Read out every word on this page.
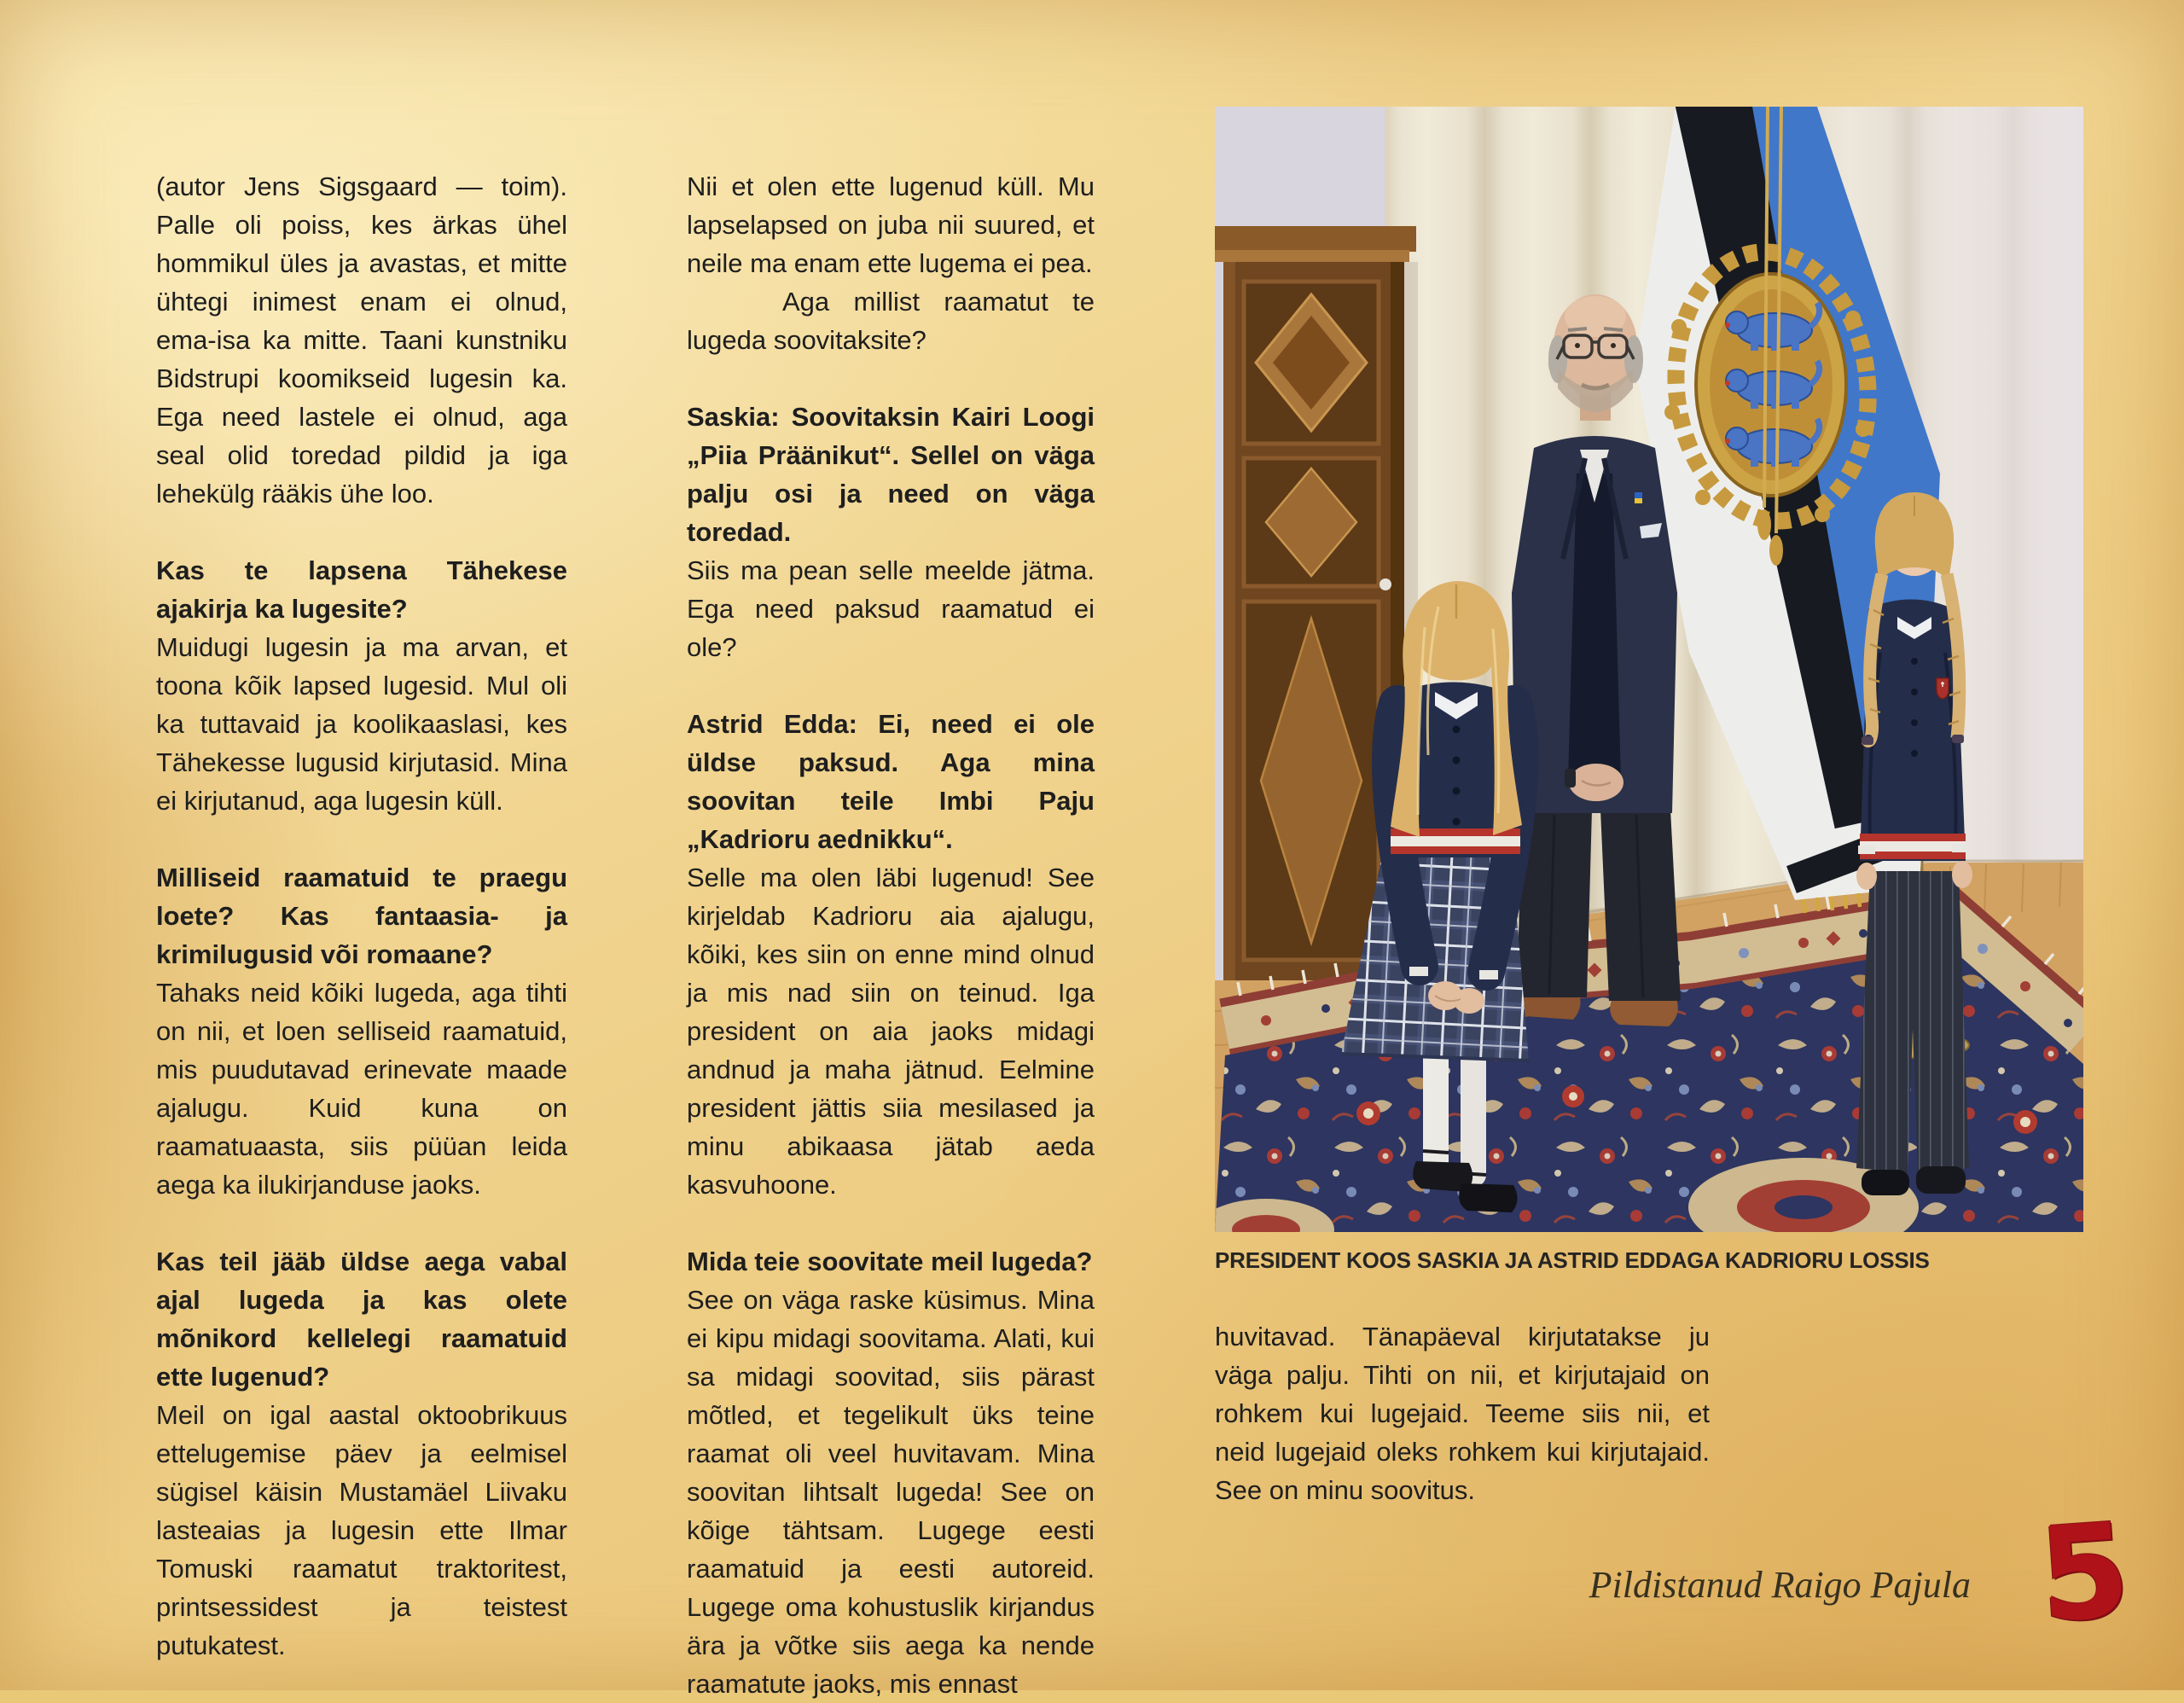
(autor Jens Sigsgaard — toim). Palle oli poiss, kes ärkas ühel hommikul üles ja avastas, et mitte ühtegi inimest enam ei olnud, ema-isa ka mitte. Taani kunstniku Bidstrupi koomikseid lugesin ka. Ega need lastele ei olnud, aga seal olid toredad pildid ja iga lehekülg rääkis ühe loo.

Kas te lapsena Tähekese ajakirja ka lugesite?

Muidugi lugesin ja ma arvan, et toona kõik lapsed lugesid. Mul oli ka tuttavaid ja koolikaaslasi, kes Tähekesse lugusid kirjutasid. Mina ei kirjutanud, aga lugesin küll.

Milliseid raamatuid te praegu loete? Kas fantaasia- ja krimilugusid või romaane?

Tahaks neid kõiki lugeda, aga tihti on nii, et loen selliseid raamatuid, mis puudutavad erinevate maade ajalugu. Kuid kuna on raamatuaasta, siis püüan leida aega ka ilukirjanduse jaoks.

Kas teil jääb üldse aega vabal ajal lugeda ja kas olete mõnikord kellelegi raamatuid ette lugenud?

Meil on igal aastal oktoobrikuus ettelugemise päev ja eelmisel sügisel käisin Mustamäel Liivaku lasteaias ja lugesin ette Ilmar Tomuski raamatut traktoritest, printsessidest ja teistest putukatest.

Nii et olen ette lugenud küll. Mu lapselapsed on juba nii suured, et neile ma enam ette lugema ei pea.

Aga millist raamatut te lugeda soovitaksite?

Saskia: Soovitaksin Kairi Loogi „Piia Präänikut“. Sellel on väga palju osi ja need on väga toredad.

Siis ma pean selle meelde jätma. Ega need paksud raamatud ei ole?

Astrid Edda: Ei, need ei ole üldse paksud. Aga mina soovitan teile Imbi Paju „Kadrioru aednikku“.

Selle ma olen läbi lugenud! See kirjeldab Kadrioru aia ajalugu, kõiki, kes siin on enne mind olnud ja mis nad siin on teinud. Iga president on aia jaoks midagi andnud ja maha jätnud. Eelmine president jättis siia mesilased ja minu abikaasa jätab aeda kasvuhoone.

Mida teie soovitate meil lugeda?

See on väga raske küsimus. Mina ei kipu midagi soovitama. Alati, kui sa midagi soovitad, siis pärast mõtled, et tegelikult üks teine raamat oli veel huvitavam. Mina soovitan lihtsalt lugeda! See on kõige tähtsam. Lugege eesti raamatuid ja eesti autoreid. Lugege oma kohustuslik kirjandus ära ja võtke siis aega ka nende raamatute jaoks, mis ennast

PRESIDENT KOOS SASKIA JA ASTRID EDDAGA KADRIORU LOSSIS

huvitavad. Tänapäeval kirjutatakse ju väga palju. Tihti on nii, et kirjutajaid on rohkem kui lugejaid. Teeme siis nii, et neid lugejaid oleks rohkem kui kirjutajaid. See on minu soovitus.

Pildistanud Raigo Pajula 5
